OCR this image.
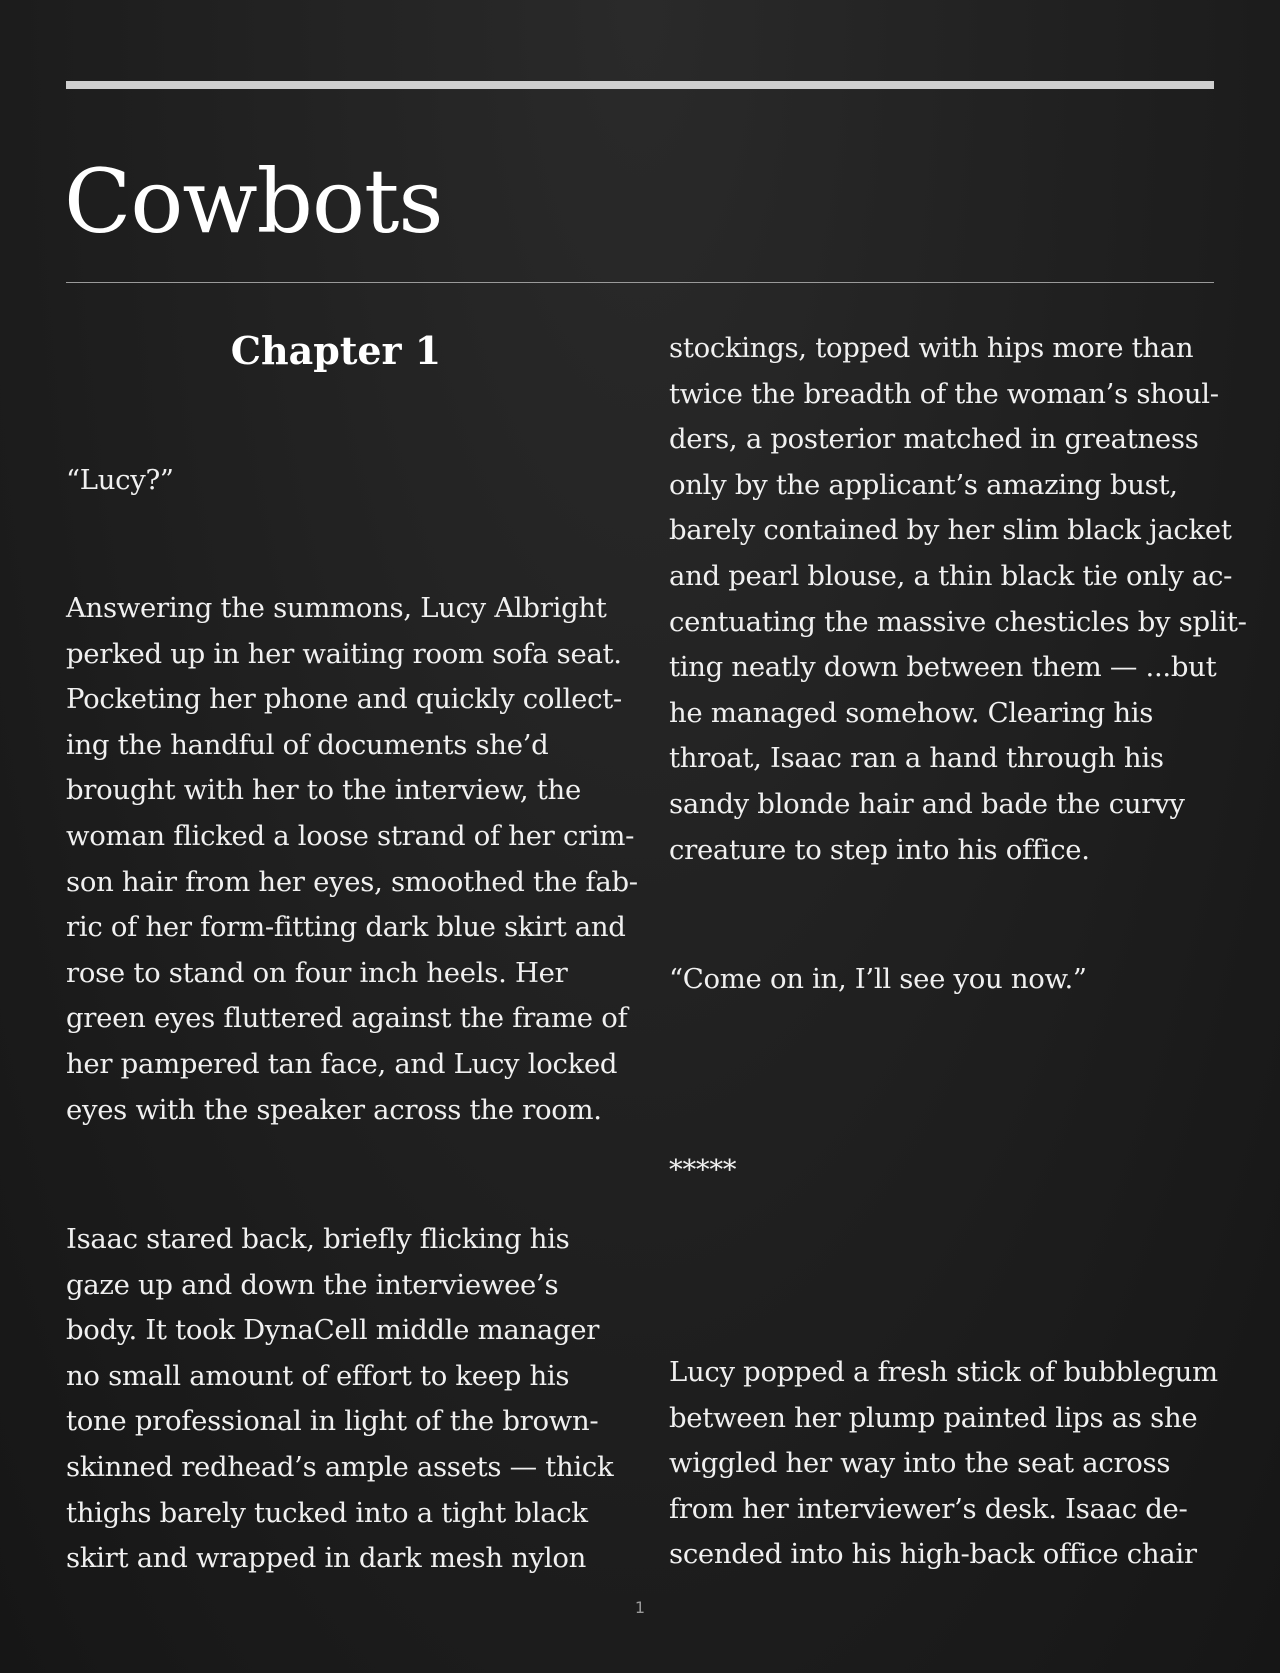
Cowbots
Chapter 1

“Lucy?”

Answering the summons, Lucy Albright
perked up in her waiting room sofa seat.
Pocketing her phone and quickly collect-
ing the handful of documents she’d
brought with her to the interview, the
woman flicked a loose strand of her crim-
son hair from her eyes, smoothed the fab-
ric of her form-fitting dark blue skirt and
rose to stand on four inch heels. Her
green eyes fluttered against the frame of
her pampered tan face, and Lucy locked
eyes with the speaker across the room.

Isaac stared back, briefly flicking his
gaze up and down the interviewee’s
body. It took DynaCell middle manager
no small amount of effort to keep his
tone professional in light of the brown-
skinned redhead’s ample assets — thick
thighs barely tucked into a tight black
skirt and wrapped in dark mesh nylon

stockings, topped with hips more than
twice the breadth of the woman’s shoul-
ders, a posterior matched in greatness
only by the applicant’s amazing bust,
barely contained by her slim black jacket
and pearl blouse, a thin black tie only ac-
centuating the massive chesticles by split-
ting neatly down between them — ...but
he managed somehow. Clearing his
throat, Isaac ran a hand through his
sandy blonde hair and bade the curvy
creature to step into his office.

“Come on in, I’ll see you now.”

*****

Lucy popped a fresh stick of bubblegum
between her plump painted lips as she
wiggled her way into the seat across
from her interviewer’s desk. Isaac de-
scended into his high-back office chair

1
